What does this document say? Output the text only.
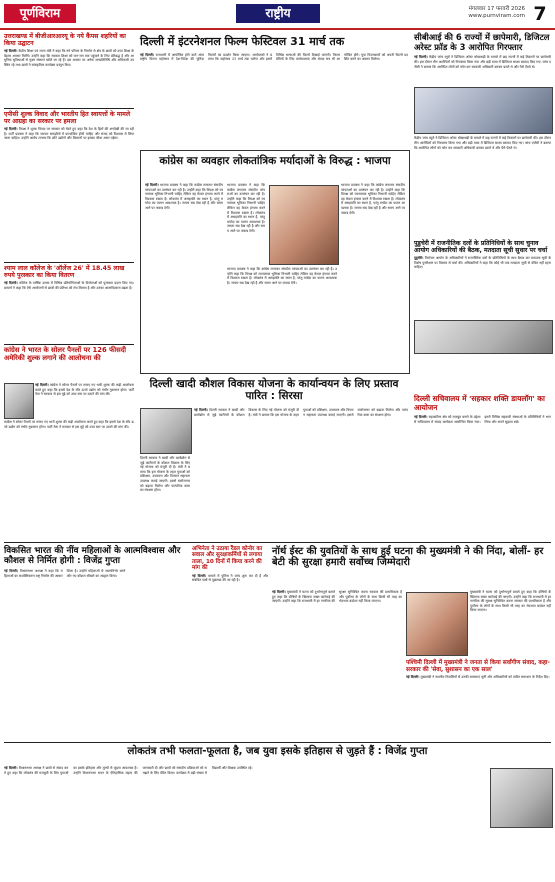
पूर्णविराम	राष्ट्रीय	मंगलवार 17 फरवरी 2026
www.purnviram.com 7
उत्तराखण्ड में बीजीआरआरयू के नये कैंपस शहरियों का किया उद्घाटन
नई दिल्ली। केंद्रीय शिक्षा एवं राज्य मंत्री ने कहा कि नये परिसर के निर्माण से क्षेत्र के छात्रों को उच्च शिक्षा के बेहतर अवसर मिलेंगे। उन्होंने कहा कि सरकार शिक्षा को जन-जन तक पहुंचाने के लिए प्रतिबद्ध है और आधुनिक सुविधाओं से युक्त संस्थान खोले जा रहे हैं। इस अवसर पर अनेक जनप्रतिनिधि और अधिकारी उपस्थित रहे तथा छात्रों ने सांस्कृतिक कार्यक्रम प्रस्तुत किए।
एपीसी शुल्क विवाद और भारतीय हित स्वायत्तों के मामले पर आग्रहा का सरकार पर हमला
नई दिल्ली। विपक्ष ने शुल्क विवाद पर सरकार को घेरते हुए कहा कि देश के हितों की अनदेखी की जा रही है। पार्टी प्रवक्ता ने कहा कि व्यापार समझौतों में पारदर्शिता होनी चाहिए और संसद को विश्वास में लिया जाना चाहिए। उन्होंने आरोप लगाया कि छोटे उद्योगों और किसानों पर इसका सीधा असर पड़ेगा।
श्याम लाल कॉलेज के 'ऑलेंज 26' में 18.45 लाख रुपये पुरस्कार का किया वितरण
नई दिल्ली। कॉलेज के वार्षिक उत्सव में विभिन्न प्रतियोगिताओं के विजेताओं को पुरस्कार प्रदान किए गए। प्राचार्य ने कहा कि ऐसे आयोजनों से छात्रों की प्रतिभा को मंच मिलता है और उनका आत्मविश्वास बढ़ता है।
कांग्रेस ने भारत के सोलर पैनलों पर 126 फीसदी अमेरिकी शुल्क लगाने की आलोचना की
नई दिल्ली। कांग्रेस ने सोलर पैनलों पर लगाए गए भारी शुल्क की कड़ी आलोचना करते हुए कहा कि इससे देश के सौर ऊर्जा उद्योग को गंभीर नुकसान होगा। पार्टी नेता ने सरकार से इस मुद्दे को उच्च स्तर पर उठाने की मांग की।
कांग्रेस ने सोलर पैनलों पर लगाए गए भारी शुल्क की कड़ी आलोचना करते हुए कहा कि इससे देश के सौर ऊर्जा उद्योग को गंभीर नुकसान होगा। पार्टी नेता ने सरकार से इस मुद्दे को उच्च स्तर पर उठाने की मांग की।
दिल्ली में इंटरनेशनल फिल्म फेस्टिवल 31 मार्च तक
नई दिल्ली। राजधानी में आयोजित होने वाले अंतरराष्ट्रीय फिल्म महोत्सव में देश-विदेश की चुनिंदा फिल्मों का प्रदर्शन किया जाएगा। आयोजकों ने बताया कि महोत्सव 31 मार्च तक चलेगा और इसमें विभिन्न भाषाओं की फिल्में दिखाई जाएंगी। फिल्म प्रेमियों के लिए कार्यशालाएं और संवाद सत्र भी आयोजित होंगे। युवा फिल्मकारों को अपनी फिल्में प्रदर्शित करने का अवसर मिलेगा।
सीबीआई की 6 राज्यों में छापेमारी, डिजिटल अरेस्ट फ्रॉड के 3 आरोपित गिरफ्तार
नई दिल्ली। केंद्रीय जांच ब्यूरो ने डिजिटल अरेस्ट धोखाधड़ी के मामले में छह राज्यों में कई ठिकानों पर छापेमारी की। इस दौरान तीन आरोपितों को गिरफ्तार किया गया और बड़ी मात्रा में डिजिटल साक्ष्य बरामद किए गए। जांच एजेंसी ने बताया कि आरोपित लोगों को फोन कर सरकारी अधिकारी बनकर डराते थे और पैसे ऐंठते थे।
केंद्रीय जांच ब्यूरो ने डिजिटल अरेस्ट धोखाधड़ी के मामले में छह राज्यों में कई ठिकानों पर छापेमारी की। इस दौरान तीन आरोपितों को गिरफ्तार किया गया और बड़ी मात्रा में डिजिटल साक्ष्य बरामद किए गए। जांच एजेंसी ने बताया कि आरोपित लोगों को फोन कर सरकारी अधिकारी बनकर डराते थे और पैसे ऐंठते थे।
कांग्रेस का व्यवहार लोकतांत्रिक मर्यादाओं के विरुद्ध : भाजपा
नई दिल्ली। भाजपा प्रवक्ता ने कहा कि कांग्रेस लगातार संसदीय परंपराओं का उल्लंघन कर रही है। उन्होंने कहा कि विपक्ष को रचनात्मक भूमिका निभानी चाहिए लेकिन वह केवल हंगामा करने में विश्वास रखता है। लोकतंत्र में असहमति का स्थान है, परंतु मर्यादा का पालन आवश्यक है। जनता सब देख रही है और समय आने पर जवाब देगी।
भाजपा प्रवक्ता ने कहा कि कांग्रेस लगातार संसदीय परंपराओं का उल्लंघन कर रही है। उन्होंने कहा कि विपक्ष को रचनात्मक भूमिका निभानी चाहिए लेकिन वह केवल हंगामा करने में विश्वास रखता है। लोकतंत्र में असहमति का स्थान है, परंतु मर्यादा का पालन आवश्यक है। जनता सब देख रही है और समय आने पर जवाब देगी।
भाजपा प्रवक्ता ने कहा कि कांग्रेस लगातार संसदीय परंपराओं का उल्लंघन कर रही है। उन्होंने कहा कि विपक्ष को रचनात्मक भूमिका निभानी चाहिए लेकिन वह केवल हंगामा करने में विश्वास रखता है। लोकतंत्र में असहमति का स्थान है, परंतु मर्यादा का पालन आवश्यक है। जनता सब देख रही है और समय आने पर जवाब देगी।
भाजपा प्रवक्ता ने कहा कि कांग्रेस लगातार संसदीय परंपराओं का उल्लंघन कर रही है। उन्होंने कहा कि विपक्ष को रचनात्मक भूमिका निभानी चाहिए लेकिन वह केवल हंगामा करने में विश्वास रखता है। लोकतंत्र में असहमति का स्थान है, परंतु मर्यादा का पालन आवश्यक है। जनता सब देख रही है और समय आने पर जवाब देगी।
पुडुचेरी में राजनीतिक दलों के प्रतिनिधियों के साथ चुनाव आयोग अधिकारियों की बैठक, मतदाता सूची सुधार पर चर्चा
पुडुचेरी। निर्वाचन आयोग के अधिकारियों ने राजनीतिक दलों के प्रतिनिधियों के साथ बैठक कर मतदाता सूची के विशेष पुनरीक्षण पर विस्तार से चर्चा की। अधिकारियों ने कहा कि कोई भी पात्र मतदाता सूची से वंचित नहीं रहना चाहिए।
दिल्ली खादी कौशल विकास योजना के कार्यान्वयन के लिए प्रस्ताव पारित : सिरसा
नई दिल्ली। दिल्ली सरकार ने खादी और ग्रामोद्योग से जुड़े कारीगरों के कौशल विकास के लिए नई योजना को मंजूरी दी है। मंत्री ने बताया कि इस योजना के तहत युवाओं को प्रशिक्षण, उपकरण और विपणन सहायता उपलब्ध कराई जाएगी। इससे स्वरोजगार को बढ़ावा मिलेगा और पारंपरिक कला का संरक्षण होगा।
दिल्ली सरकार ने खादी और ग्रामोद्योग से जुड़े कारीगरों के कौशल विकास के लिए नई योजना को मंजूरी दी है। मंत्री ने बताया कि इस योजना के तहत युवाओं को प्रशिक्षण, उपकरण और विपणन सहायता उपलब्ध कराई जाएगी। इससे स्वरोजगार को बढ़ावा मिलेगा और पारंपरिक कला का संरक्षण होगा।
दिल्ली सचिवालय में 'सहकार शक्ति डायलॉग' का आयोजन
नई दिल्ली। सहकारिता क्षेत्र को मजबूत बनाने के उद्देश्य से सचिवालय में संवाद कार्यक्रम आयोजित किया गया। इसमें विभिन्न सहकारी संस्थाओं के प्रतिनिधियों ने भाग लिया और अपने सुझाव रखे।
विकसित भारत की नींव महिलाओं के आत्मविश्वास और कौशल से निर्मित होगी : विजेंद्र गुप्ता
नई दिल्ली। विधानसभा अध्यक्ष ने कहा कि महिलाओं का सशक्तिकरण राष्ट्र निर्माण की आधारशिला है। उन्होंने महिलाओं से आत्मनिर्भर बनने और नए कौशल सीखने का आह्वान किया।
अभिनेता ने उठाया रैंडल कोनोर का सवाल और सुरक्षाकर्मियों से लगाया ताला, 10 दिनों में किया करने की मांग की
नई दिल्ली। मामले में पुलिस ने जांच शुरू कर दी है और संबंधित पक्षों से पूछताछ की जा रही है।
नॉर्थ ईस्ट की युवतियों के साथ हुई घटना की मुख्यमंत्री ने की निंदा, बोलीं- हर बेटी की सुरक्षा हमारी सर्वोच्च जिम्मेदारी
नई दिल्ली। मुख्यमंत्री ने घटना को दुर्भाग्यपूर्ण बताते हुए कहा कि दोषियों के खिलाफ सख्त कार्रवाई की जाएगी। उन्होंने कहा कि राजधानी में हर नागरिक की सुरक्षा सुनिश्चित करना सरकार की प्राथमिकता है और पूर्वोत्तर के लोगों के साथ किसी भी तरह का भेदभाव बर्दाश्त नहीं किया जाएगा।
मुख्यमंत्री ने घटना को दुर्भाग्यपूर्ण बताते हुए कहा कि दोषियों के खिलाफ सख्त कार्रवाई की जाएगी। उन्होंने कहा कि राजधानी में हर नागरिक की सुरक्षा सुनिश्चित करना सरकार की प्राथमिकता है और पूर्वोत्तर के लोगों के साथ किसी भी तरह का भेदभाव बर्दाश्त नहीं किया जाएगा।
पश्चिमी दिल्ली में मुख्यमंत्री ने जनता से किया सर्वांगीण संवाद, कहा- सरकार की 'सेवा, सुशासन का एक साल'
नई दिल्ली। मुख्यमंत्री ने स्थानीय निवासियों से उनकी समस्याएं सुनीं और अधिकारियों को त्वरित समाधान के निर्देश दिए।
लोकतंत्र तभी फलता-फूलता है, जब युवा इसके इतिहास से जुड़ते हैं : विजेंद्र गुप्ता
नई दिल्ली। विधानसभा अध्यक्ष ने छात्रों से संवाद करते हुए कहा कि लोकतंत्र की मजबूती के लिए युवाओं का इसके इतिहास और मूल्यों से जुड़ना आवश्यक है। उन्होंने विधानसभा भवन के ऐतिहासिक महत्व की जानकारी दी और छात्रों को संसदीय प्रक्रियाओं को समझने के लिए प्रेरित किया। कार्यक्रम में बड़ी संख्या में विद्यार्थी और शिक्षक उपस्थित रहे।
